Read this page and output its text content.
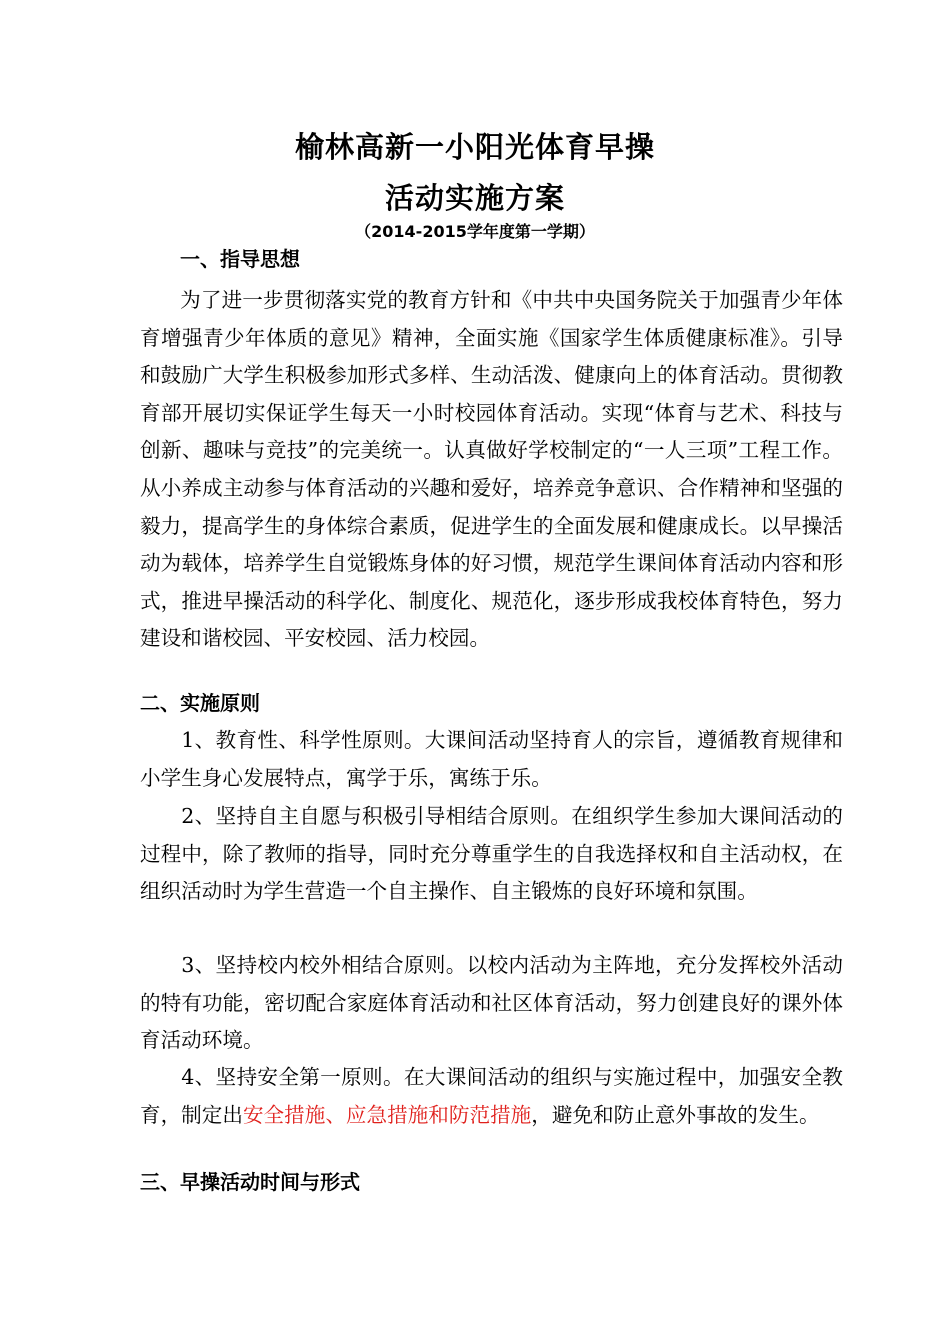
榆林高新一小阳光体育早操
活动实施方案
（2014-2015学年度第一学期）
一、指导思想
为了进一步贯彻落实党的教育方针和《中共中央国务院关于加强青少年体育增强青少年体质的意见》精神，全面实施《国家学生体质健康标准》。引导和鼓励广大学生积极参加形式多样、生动活泼、健康向上的体育活动。贯彻教育部开展切实保证学生每天一小时校园体育活动。实现“体育与艺术、科技与创新、趣味与竞技”的完美统一。认真做好学校制定的“一人三项”工程工作。从小养成主动参与体育活动的兴趣和爱好，培养竞争意识、合作精神和坚强的毅力，提高学生的身体综合素质，促进学生的全面发展和健康成长。以早操活动为载体，培养学生自觉锻炼身体的好习惯，规范学生课间体育活动内容和形式，推进早操活动的科学化、制度化、规范化，逐步形成我校体育特色，努力建设和谐校园、平安校园、活力校园。
二、实施原则
1、教育性、科学性原则。大课间活动坚持育人的宗旨，遵循教育规律和小学生身心发展特点，寓学于乐，寓练于乐。
2、坚持自主自愿与积极引导相结合原则。在组织学生参加大课间活动的过程中，除了教师的指导，同时充分尊重学生的自我选择权和自主活动权，在组织活动时为学生营造一个自主操作、自主锻炼的良好环境和氛围。
3、坚持校内校外相结合原则。以校内活动为主阵地，充分发挥校外活动的特有功能，密切配合家庭体育活动和社区体育活动，努力创建良好的课外体育活动环境。
4、坚持安全第一原则。在大课间活动的组织与实施过程中，加强安全教育，制定出安全措施、应急措施和防范措施，避免和防止意外事故的发生。
三、早操活动时间与形式
